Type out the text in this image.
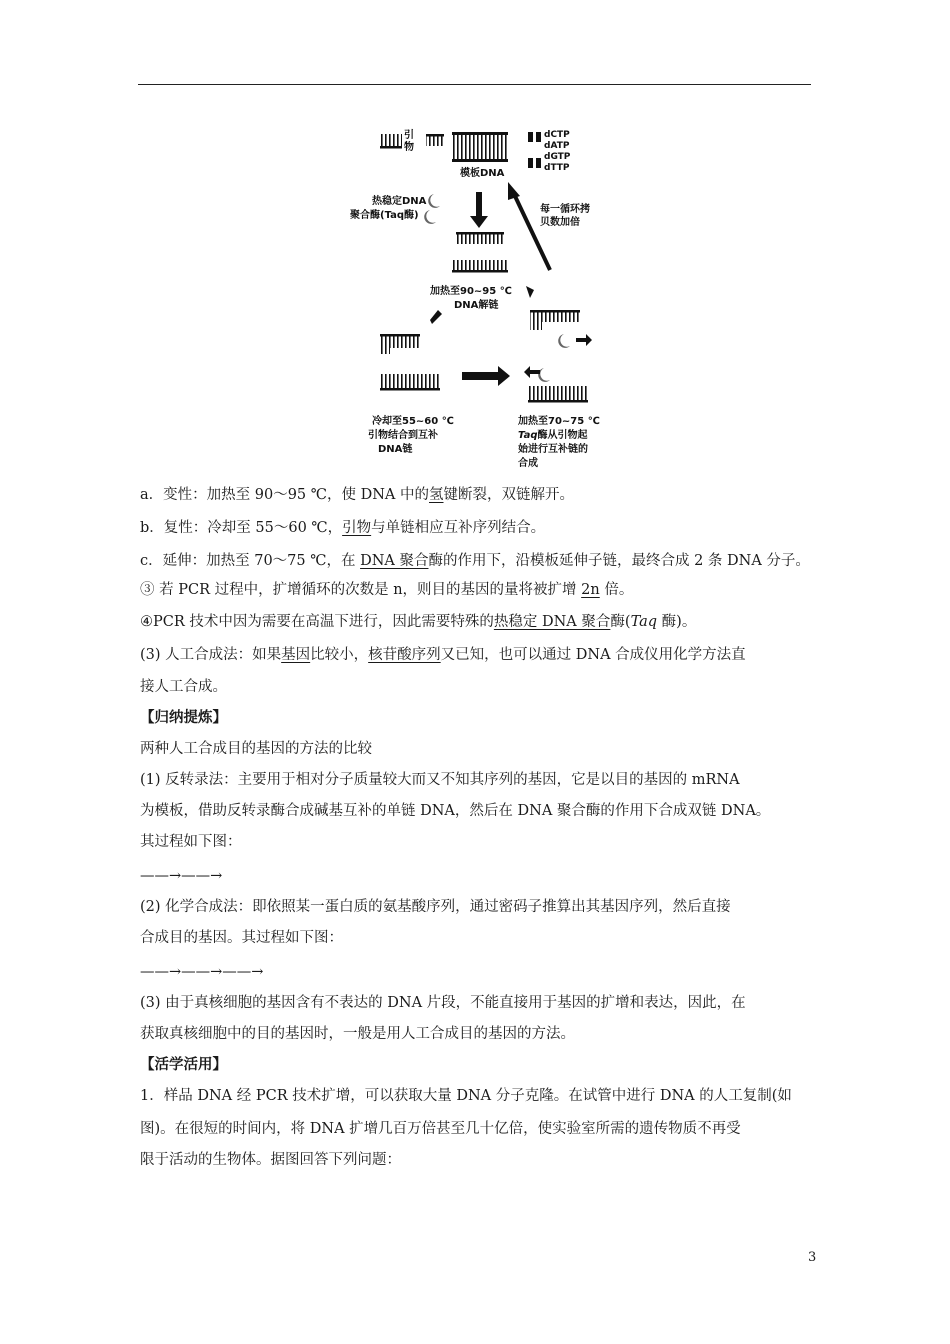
引
物
模板DNA
dCTP
dATP
dGTP
dTTP
热稳定DNA
聚合酶(Taq酶)
每一循环拷
贝数加倍
加热至90~95 ℃
DNA解链
冷却至55~60 ℃
引物结合到互补
DNA链
加热至70~75 ℃
Taq酶从引物起
始进行互补链的
合成
a．变性：加热至 90～95 ℃，使 DNA 中的氢键断裂，双链解开。
b．复性：冷却至 55～60 ℃，引物与单链相应互补序列结合。
c．延伸：加热至 70～75 ℃，在 DNA 聚合酶的作用下，沿模板延伸子链，最终合成 2 条 DNA 分子。
③ 若 PCR 过程中，扩增循环的次数是 n，则目的基因的量将被扩增 2n 倍。
④PCR 技术中因为需要在高温下进行，因此需要特殊的热稳定 DNA 聚合酶(Taq 酶)。
(3) 人工合成法：如果基因比较小，核苷酸序列又已知，也可以通过 DNA 合成仪用化学方法直
接人工合成。
【归纳提炼】
两种人工合成目的基因的方法的比较
(1) 反转录法：主要用于相对分子质量较大而又不知其序列的基因，它是以目的基因的 mRNA
为模板，借助反转录酶合成碱基互补的单链 DNA，然后在 DNA 聚合酶的作用下合成双链 DNA。
其过程如下图：
——→——→
(2) 化学合成法：即依照某一蛋白质的氨基酸序列，通过密码子推算出其基因序列，然后直接
合成目的基因。其过程如下图：
——→——→——→
(3) 由于真核细胞的基因含有不表达的 DNA 片段，不能直接用于基因的扩增和表达，因此，在
获取真核细胞中的目的基因时，一般是用人工合成目的基因的方法。
【活学活用】
1．样品 DNA 经 PCR 技术扩增，可以获取大量 DNA 分子克隆。在试管中进行 DNA 的人工复制(如
图)。在很短的时间内，将 DNA 扩增几百万倍甚至几十亿倍，使实验室所需的遗传物质不再受
限于活动的生物体。据图回答下列问题：
3
